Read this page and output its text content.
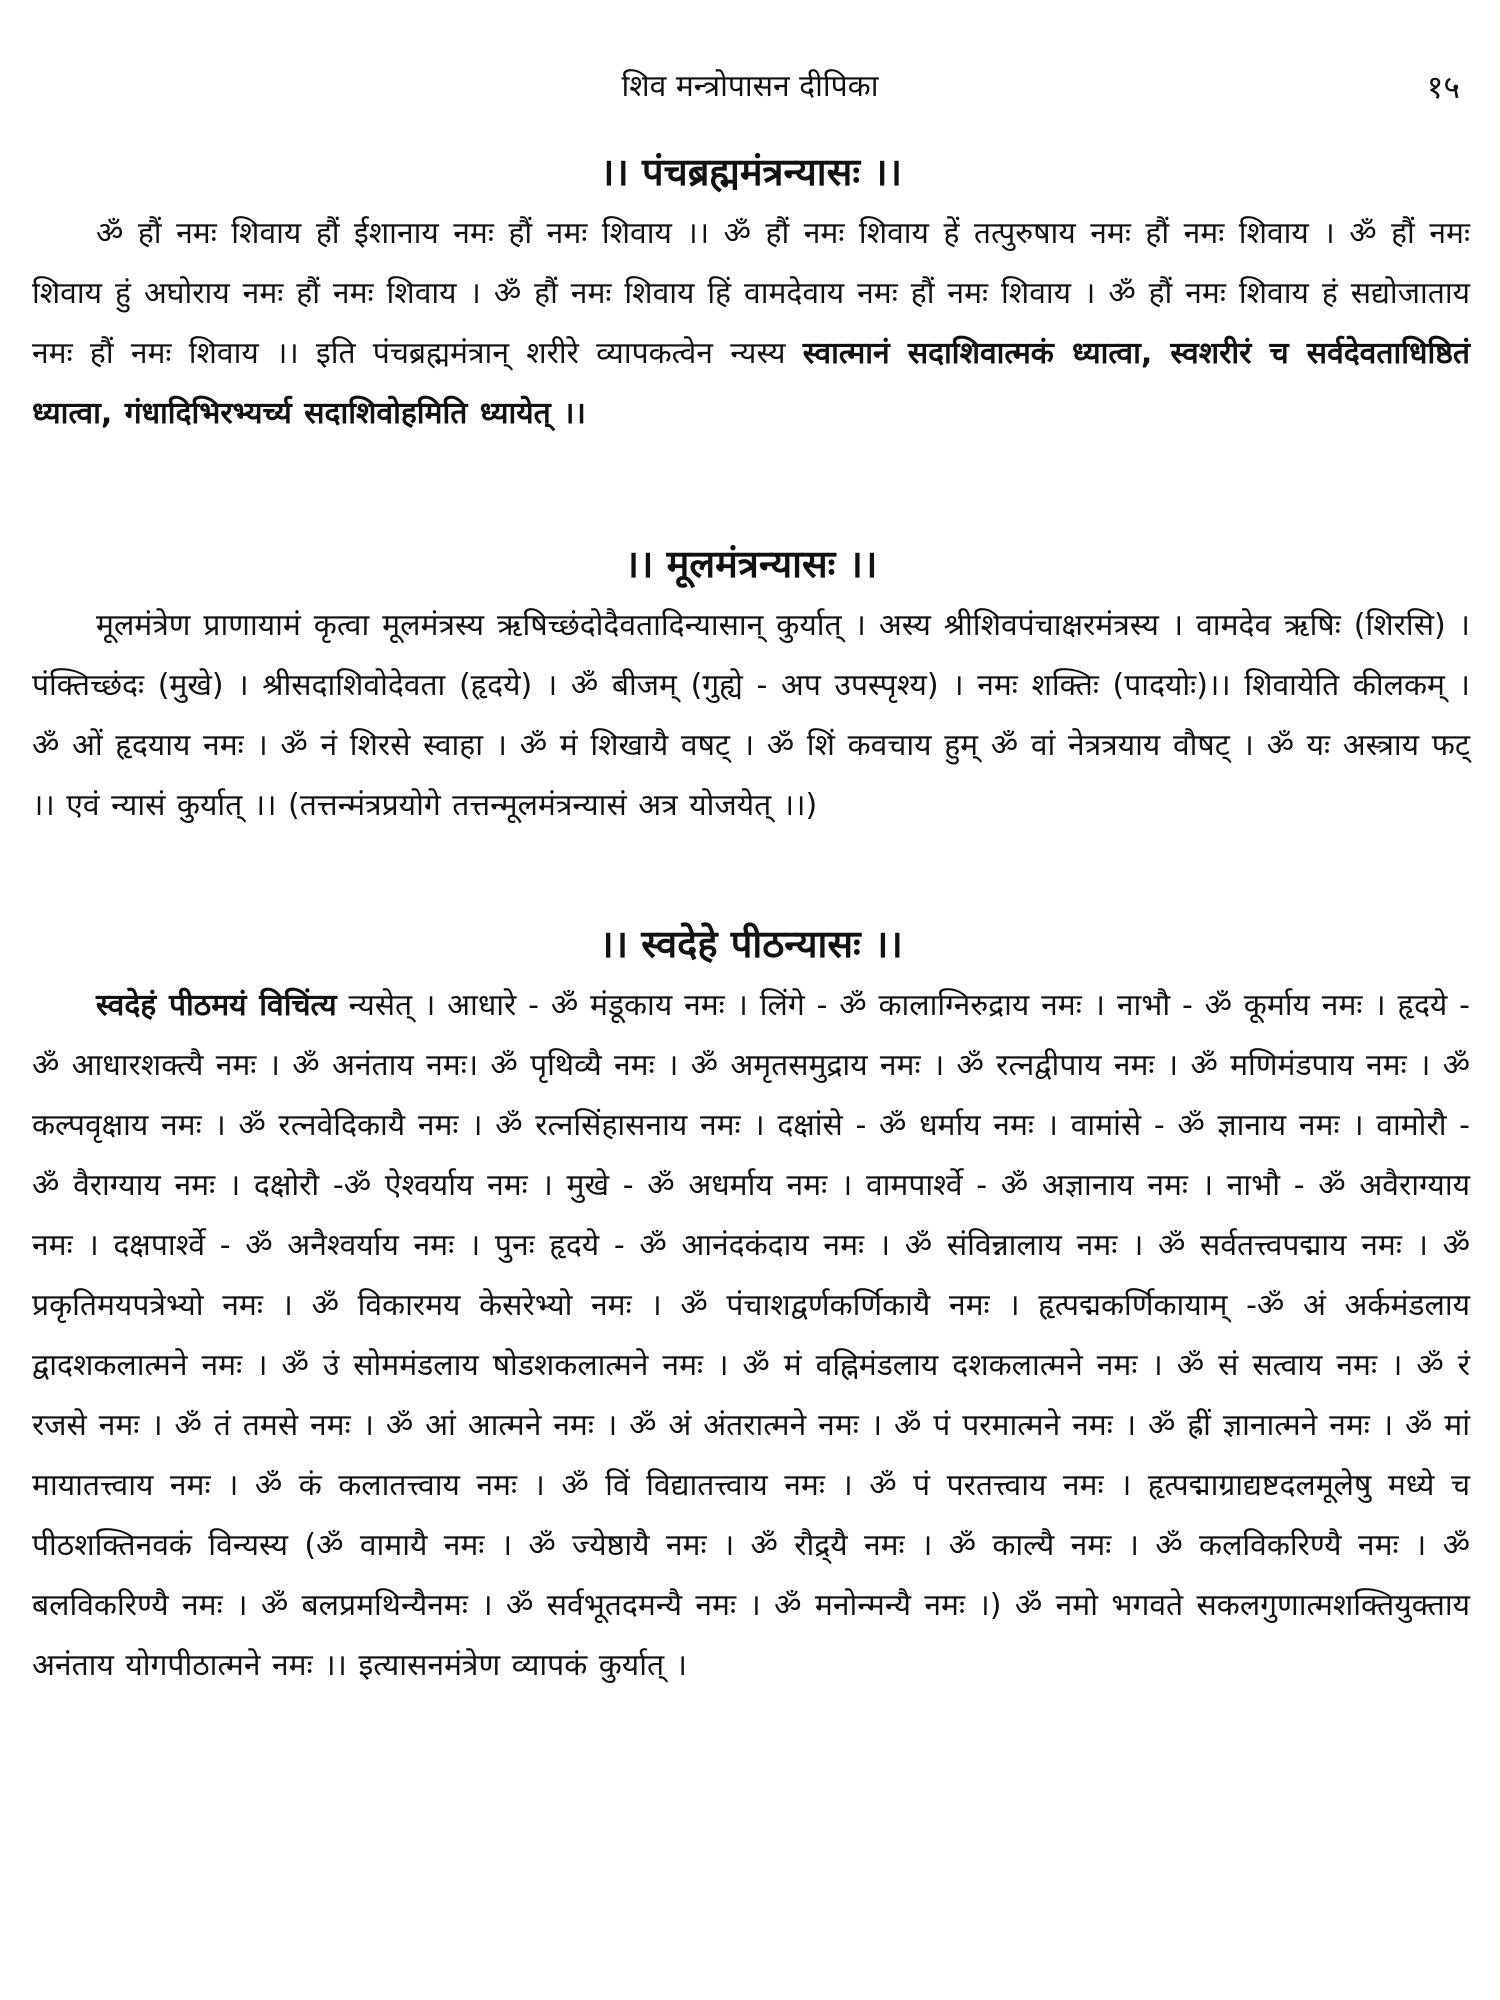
शिव मन्त्रोपासन दीपिका	१५
।। पंचब्रह्ममंत्रन्यासः ।।

ॐ हौं नमः शिवाय हौं ईशानाय नमः हौं नमः शिवाय ।। ॐ हौं नमः शिवाय हें तत्पुरुषाय नमः हौं नमः शिवाय । ॐ हौं नमः शिवाय हुं अघोराय नमः हौं नमः शिवाय । ॐ हौं नमः शिवाय हिं वामदेवाय नमः हौं नमः शिवाय । ॐ हौं नमः शिवाय हं सद्योजाताय नमः हौं नमः शिवाय ।। इति पंचब्रह्ममंत्रान् शरीरे व्यापकत्वेन न्यस्य स्वात्मानं सदाशिवात्मकं ध्यात्वा, स्वशरीरं च सर्वदेवताधिष्ठितं ध्यात्वा, गंधादिभिरभ्यर्च्य सदाशिवोहमिति ध्यायेत् ।।

।। मूलमंत्रन्यासः ।।

मूलमंत्रेण प्राणायामं कृत्वा मूलमंत्रस्य ऋषिच्छंदोदैवतादिन्यासान् कुर्यात् । अस्य श्रीशिवपंचाक्षरमंत्रस्य । वामदेव ऋषिः (शिरसि) । पंक्तिच्छंदः (मुखे) । श्रीसदाशिवोदेवता (हृदये) । ॐ बीजम् (गुह्ये - अप उपस्पृश्य) । नमः शक्तिः (पादयोः)।। शिवायेति कीलकम् । ॐ ओं हृदयाय नमः । ॐ नं शिरसे स्वाहा । ॐ मं शिखायै वषट् । ॐ शिं कवचाय हुम् ॐ वां नेत्रत्रयाय वौषट् । ॐ यः अस्त्राय फट् ।। एवं न्यासं कुर्यात् ।। (तत्तन्मंत्रप्रयोगे तत्तन्मूलमंत्रन्यासं अत्र योजयेत् ।।)

।। स्वदेहे पीठन्यासः ।।

स्वदेहं पीठमयं विचिंत्य न्यसेत् । आधारे - ॐ मंडूकाय नमः । लिंगे - ॐ कालाग्निरुद्राय नमः । नाभौ - ॐ कूर्माय नमः । हृदये - ॐ आधारशक्त्यै नमः । ॐ अनंताय नमः। ॐ पृथिव्यै नमः । ॐ अमृतसमुद्राय नमः । ॐ रत्नद्वीपाय नमः । ॐ मणिमंडपाय नमः । ॐ कल्पवृक्षाय नमः । ॐ रत्नवेदिकायै नमः । ॐ रत्नसिंहासनाय नमः । दक्षांसे - ॐ धर्माय नमः । वामांसे - ॐ ज्ञानाय नमः । वामोरौ - ॐ वैराग्याय नमः । दक्षोरौ -ॐ ऐश्वर्याय नमः । मुखे - ॐ अधर्माय नमः । वामपार्श्वे - ॐ अज्ञानाय नमः । नाभौ - ॐ अवैराग्याय नमः । दक्षपार्श्वे - ॐ अनैश्वर्याय नमः । पुनः हृदये - ॐ आनंदकंदाय नमः । ॐ संविन्नालाय नमः । ॐ सर्वतत्त्वपद्माय नमः । ॐ प्रकृतिमयपत्रेभ्यो नमः । ॐ विकारमय केसरेभ्यो नमः । ॐ पंचाशद्वर्णकर्णिकायै नमः । हृत्पद्मकर्णिकायाम् -ॐ अं अर्कमंडलाय द्वादशकलात्मने नमः । ॐ उं सोममंडलाय षोडशकलात्मने नमः । ॐ मं वह्निमंडलाय दशकलात्मने नमः । ॐ सं सत्वाय नमः । ॐ रं रजसे नमः । ॐ तं तमसे नमः । ॐ आं आत्मने नमः । ॐ अं अंतरात्मने नमः । ॐ पं परमात्मने नमः । ॐ ह्रीं ज्ञानात्मने नमः । ॐ मां मायातत्त्वाय नमः । ॐ कं कलातत्त्वाय नमः । ॐ विं विद्यातत्त्वाय नमः । ॐ पं परतत्त्वाय नमः । हृत्पद्माग्राद्यष्टदलमूलेषु मध्ये च पीठशक्तिनवकं विन्यस्य (ॐ वामायै नमः । ॐ ज्येष्ठायै नमः । ॐ रौद्र्यै नमः । ॐ काल्यै नमः । ॐ कलविकरिण्यै नमः । ॐ बलविकरिण्यै नमः । ॐ बलप्रमथिन्यैनमः । ॐ सर्वभूतदमन्यै नमः । ॐ मनोन्मन्यै नमः ।) ॐ नमो भगवते सकलगुणात्मशक्तियुक्ताय अनंताय योगपीठात्मने नमः ।। इत्यासनमंत्रेण व्यापकं कुर्यात् ।
